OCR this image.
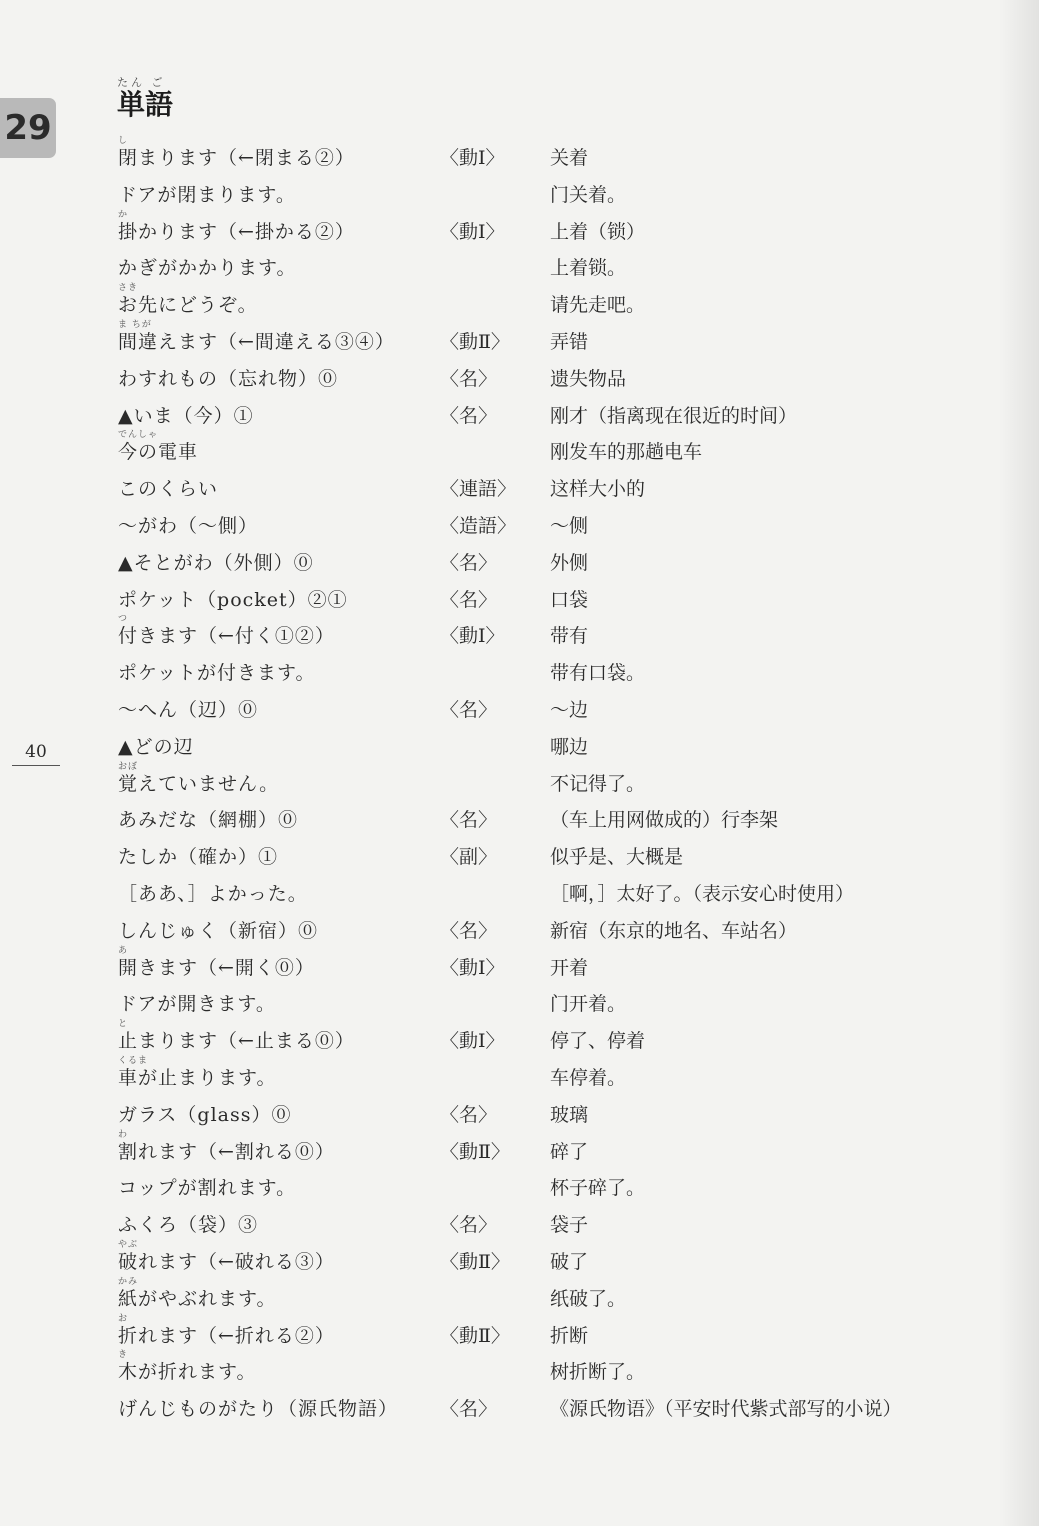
29
たん ご
単語
40
し
閉まります（←閉まる②）	〈動Ⅰ〉 关着
ドアが閉まります。	门关着。
か
掛かります（←掛かる②）	〈動Ⅰ〉 上着（锁）
かぎがかかります。	上着锁。
さき
お先にどうぞ。	请先走吧。
ま ちが
間違えます（←間違える③④） 〈動Ⅱ〉 弄错
わすれもの（忘れ物）⓪	〈名〉	遗失物品
▲いま（今）①	〈名〉	刚才（指离现在很近的时间）
でんしゃ
今の電車	刚发车的那趟电车
このくらい	〈連語〉 这样大小的
〜がわ（〜側）	〈造語〉 〜侧
▲そとがわ（外側）⓪	〈名〉	外侧
ポケット（pocket）②①	〈名〉	口袋
つ
付きます（←付く①②）	〈動Ⅰ〉 带有
ポケットが付きます。	带有口袋。
〜へん（辺）⓪	〈名〉	〜边
▲どの辺	哪边
おぼ
覚えていません。	不记得了。
あみだな（網棚）⓪	〈名〉	（车上用网做成的）行李架
たしか（確か）①	〈副〉	似乎是、大概是
［ああ、］よかった。	［啊，］太好了。（表示安心时使用）
しんじゅく（新宿）⓪	〈名〉	新宿（东京的地名、车站名）
あ
開きます（←開く⓪）	〈動Ⅰ〉 开着
ドアが開きます。	门开着。
と
止まります（←止まる⓪）	〈動Ⅰ〉 停了、停着
くるま
車が止まります。	车停着。
ガラス（glass）⓪	〈名〉	玻璃
わ
割れます（←割れる⓪）	〈動Ⅱ〉 碎了
コップが割れます。	杯子碎了。
ふくろ（袋）③	〈名〉	袋子
やぶ
破れます（←破れる③）	〈動Ⅱ〉 破了
かみ
紙がやぶれます。	纸破了。
お
折れます（←折れる②）	〈動Ⅱ〉 折断
き
木が折れます。	树折断了。
げんじものがたり（源氏物語） 〈名〉	《源氏物语》（平安时代紫式部写的小说）
